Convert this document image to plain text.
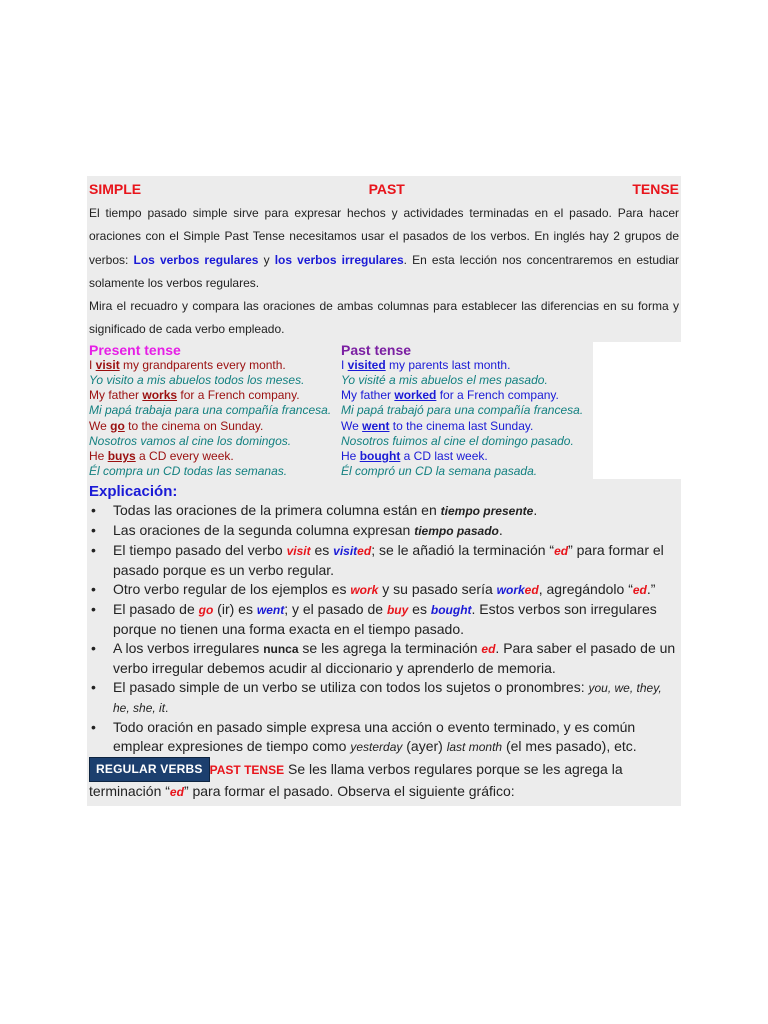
SIMPLE	PAST	TENSE
El tiempo pasado simple sirve para expresar hechos y actividades terminadas en el pasado. Para hacer oraciones con el Simple Past Tense necesitamos usar el pasados de los verbos. En inglés hay 2 grupos de verbos: Los verbos regulares y los verbos irregulares. En esta lección nos concentraremos en estudiar solamente los verbos regulares.
Mira el recuadro y compara las oraciones de ambas columnas para establecer las diferencias en su forma y significado de cada verbo empleado.
Present tense
I visit my grandparents every month.
Yo visito a mis abuelos todos los meses.
My father works for a French company.
Mi papá trabaja para una compañía francesa.
We go to the cinema on Sunday.
Nosotros vamos al cine los domingos.
He buys a CD every week.
Él compra un CD todas las semanas.
Past tense
I visited my parents last month.
Yo visité a mis abuelos el mes pasado.
My father worked for a French company.
Mi papá trabajó para una compañía francesa.
We went to the cinema last Sunday.
Nosotros fuimos al cine el domingo pasado.
He bought a CD last week.
Él compró un CD la semana pasada.
Explicación:
• Todas las oraciones de la primera columna están en tiempo presente.
• Las oraciones de la segunda columna expresan tiempo pasado.
• El tiempo pasado del verbo visit es visited; se le añadió la terminación “ed” para formar el pasado porque es un verbo regular.
• Otro verbo regular de los ejemplos es work y su pasado sería worked, agregándolo “ed.”
• El pasado de go (ir) es went; y el pasado de buy es bought. Estos verbos son irregulares porque no tienen una forma exacta en el tiempo pasado.
• A los verbos irregulares nunca se les agrega la terminación ed. Para saber el pasado de un verbo irregular debemos acudir al diccionario y aprenderlo de memoria.
• El pasado simple de un verbo se utiliza con todos los sujetos o pronombres: you, we, they, he, she, it.
• Todo oración en pasado simple expresa una acción o evento terminado, y es común emplear expresiones de tiempo como yesterday (ayer) last month (el mes pasado), etc.
REGULAR VERBS PAST TENSE Se les llama verbos regulares porque se les agrega la terminación “ed” para formar el pasado. Observa el siguiente gráfico:
